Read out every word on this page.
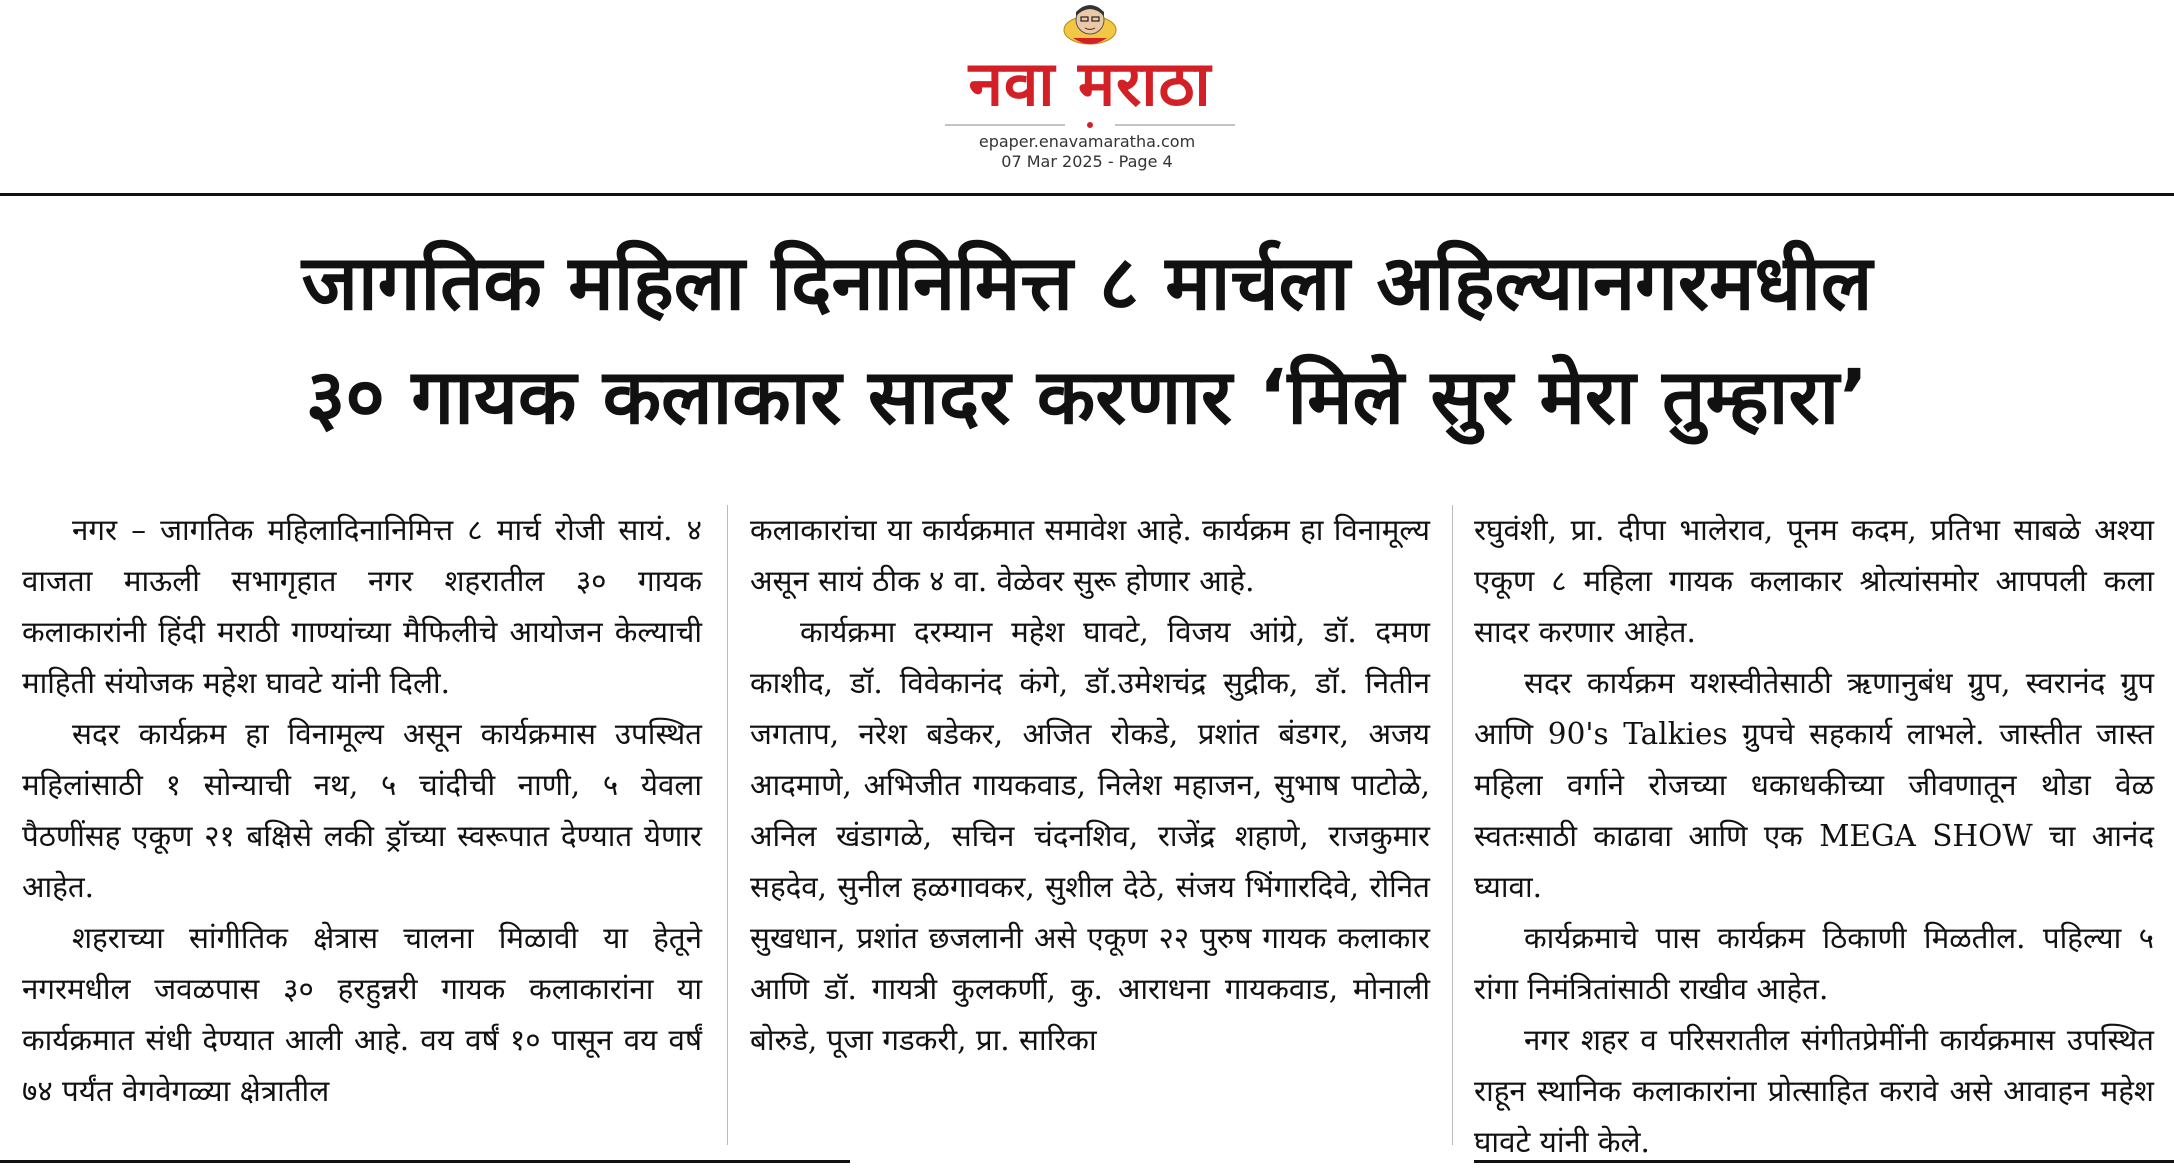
नवा मराठा
epaper.enavamaratha.com
07 Mar 2025 - Page 4
जागतिक महिला दिनानिमित्त ८ मार्चला अहिल्यानगरमधील
३० गायक कलाकार सादर करणार ‘मिले सुर मेरा तुम्हारा’

नगर – जागतिक महिलादिनानिमित्त ८ मार्च रोजी सायं. ४ वाजता माऊली सभागृहात नगर शहरातील ३० गायक कलाकारांनी हिंदी मराठी गाण्यांच्या मैफिलीचे आयोजन केल्याची माहिती संयोजक महेश घावटे यांनी दिली.

सदर कार्यक्रम हा विनामूल्य असून कार्यक्रमास उपस्थित महिलांसाठी १ सोन्याची नथ, ५ चांदीची नाणी, ५ येवला पैठणींसह एकूण २१ बक्षिसे लकी ड्रॉच्या स्वरूपात देण्यात येणार आहेत.

शहराच्या सांगीतिक क्षेत्रास चालना मिळावी या हेतूने नगरमधील जवळपास ३० हरहुन्नरी गायक कलाकारांना या कार्यक्रमात संधी देण्यात आली आहे. वय वर्षं १० पासून वय वर्षं ७४ पर्यंत वेगवेगळ्या क्षेत्रातील

कलाकारांचा या कार्यक्रमात समावेश आहे. कार्यक्रम हा विनामूल्य असून सायं ठीक ४ वा. वेळेवर सुरू होणार आहे.

कार्यक्रमा दरम्यान महेश घावटे, विजय आंग्रे, डॉ. दमण काशीद, डॉ. विवेकानंद कंगे, डॉ.उमेशचंद्र सुद्रीक, डॉ. नितीन जगताप, नरेश बडेकर, अजित रोकडे, प्रशांत बंडगर, अजय आदमाणे, अभिजीत गायकवाड, निलेश महाजन, सुभाष पाटोळे, अनिल खंडागळे, सचिन चंदनशिव, राजेंद्र शहाणे, राजकुमार सहदेव, सुनील हळगावकर, सुशील देठे, संजय भिंगारदिवे, रोनित सुखधान, प्रशांत छजलानी असे एकूण २२ पुरुष गायक कलाकार आणि डॉ. गायत्री कुलकर्णी, कु. आराधना गायकवाड, मोनाली बोरुडे, पूजा गडकरी, प्रा. सारिका

रघुवंशी, प्रा. दीपा भालेराव, पूनम कदम, प्रतिभा साबळे अश्या एकूण ८ महिला गायक कलाकार श्रोत्यांसमोर आपपली कला सादर करणार आहेत.

सदर कार्यक्रम यशस्वीतेसाठी ऋणानुबंध ग्रुप, स्वरानंद ग्रुप आणि 90's Talkies ग्रुपचे सहकार्य लाभले. जास्तीत जास्त महिला वर्गाने रोजच्या धकाधकीच्या जीवणातून थोडा वेळ स्वतःसाठी काढावा आणि एक MEGA SHOW चा आनंद घ्यावा.

कार्यक्रमाचे पास कार्यक्रम ठिकाणी मिळतील. पहिल्या ५ रांगा निमंत्रितांसाठी राखीव आहेत.

नगर शहर व परिसरातील संगीतप्रेमींनी कार्यक्रमास उपस्थित राहून स्थानिक कलाकारांना प्रोत्साहित करावे असे आवाहन महेश घावटे यांनी केले.
